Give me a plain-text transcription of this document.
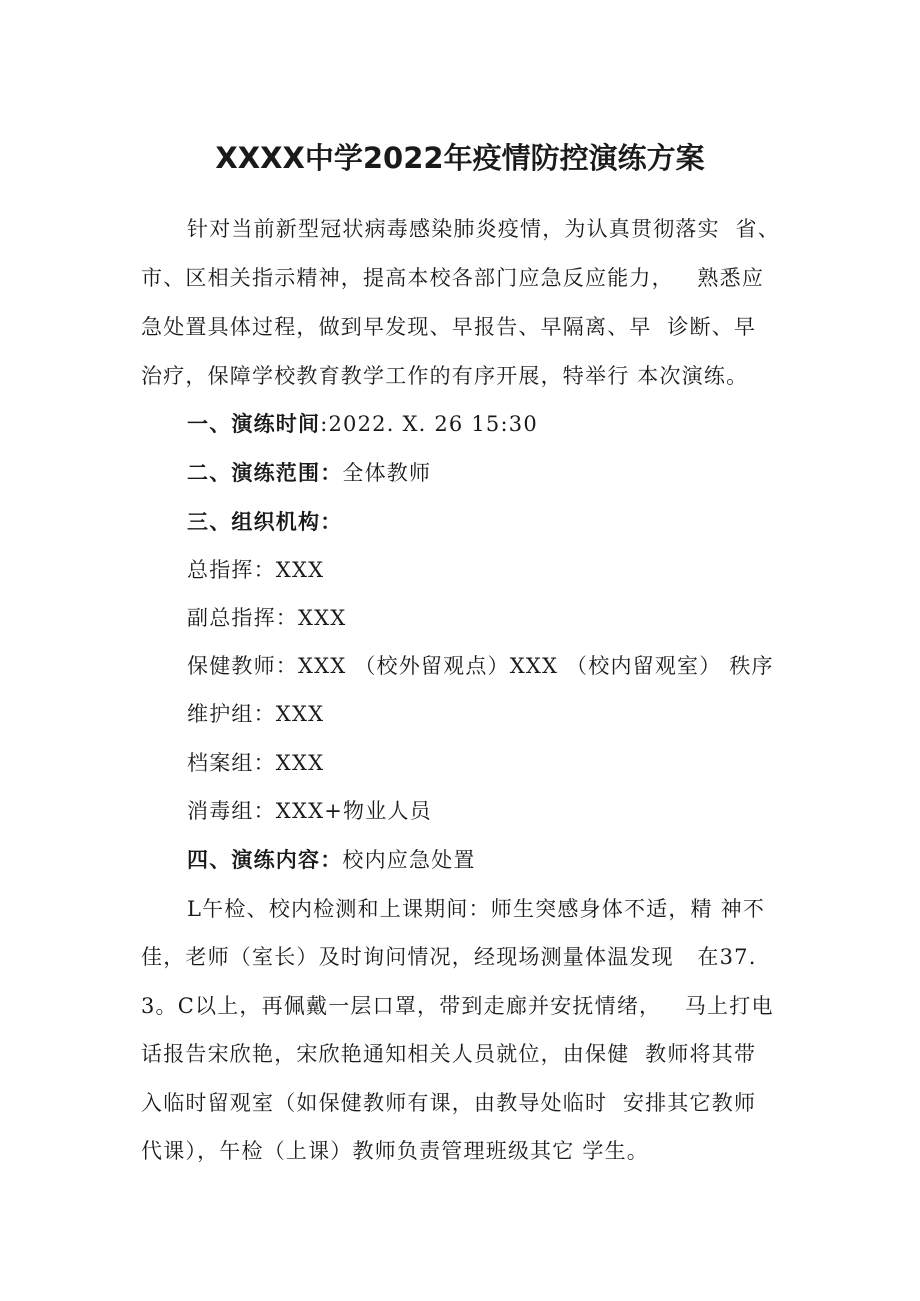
XXXX中学2022年疫情防控演练方案
针对当前新型冠状病毒感染肺炎疫情，为认真贯彻落实  省、
市、区相关指示精神，提高本校各部门应急反应能力，   熟悉应
急处置具体过程，做到早发现、早报告、早隔离、早  诊断、早
治疗，保障学校教育教学工作的有序开展，特举行 本次演练。
一、演练时间:2022. X. 26 15:30
二、演练范围：全体教师
三、组织机构：
总指挥：XXX
副总指挥：XXX
保健教师：XXX （校外留观点）XXX （校内留观室） 秩序
维护组：XXX
档案组：XXX
消毒组：XXX+物业人员
四、演练内容：校内应急处置
L午检、校内检测和上课期间：师生突感身体不适，精 神不
佳，老师（室长）及时询问情况，经现场测量体温发现   在37.
3。C以上，再佩戴一层口罩，带到走廊并安抚情绪，   马上打电
话报告宋欣艳，宋欣艳通知相关人员就位，由保健  教师将其带
入临时留观室（如保健教师有课，由教导处临时  安排其它教师
代课），午检（上课）教师负责管理班级其它 学生。
